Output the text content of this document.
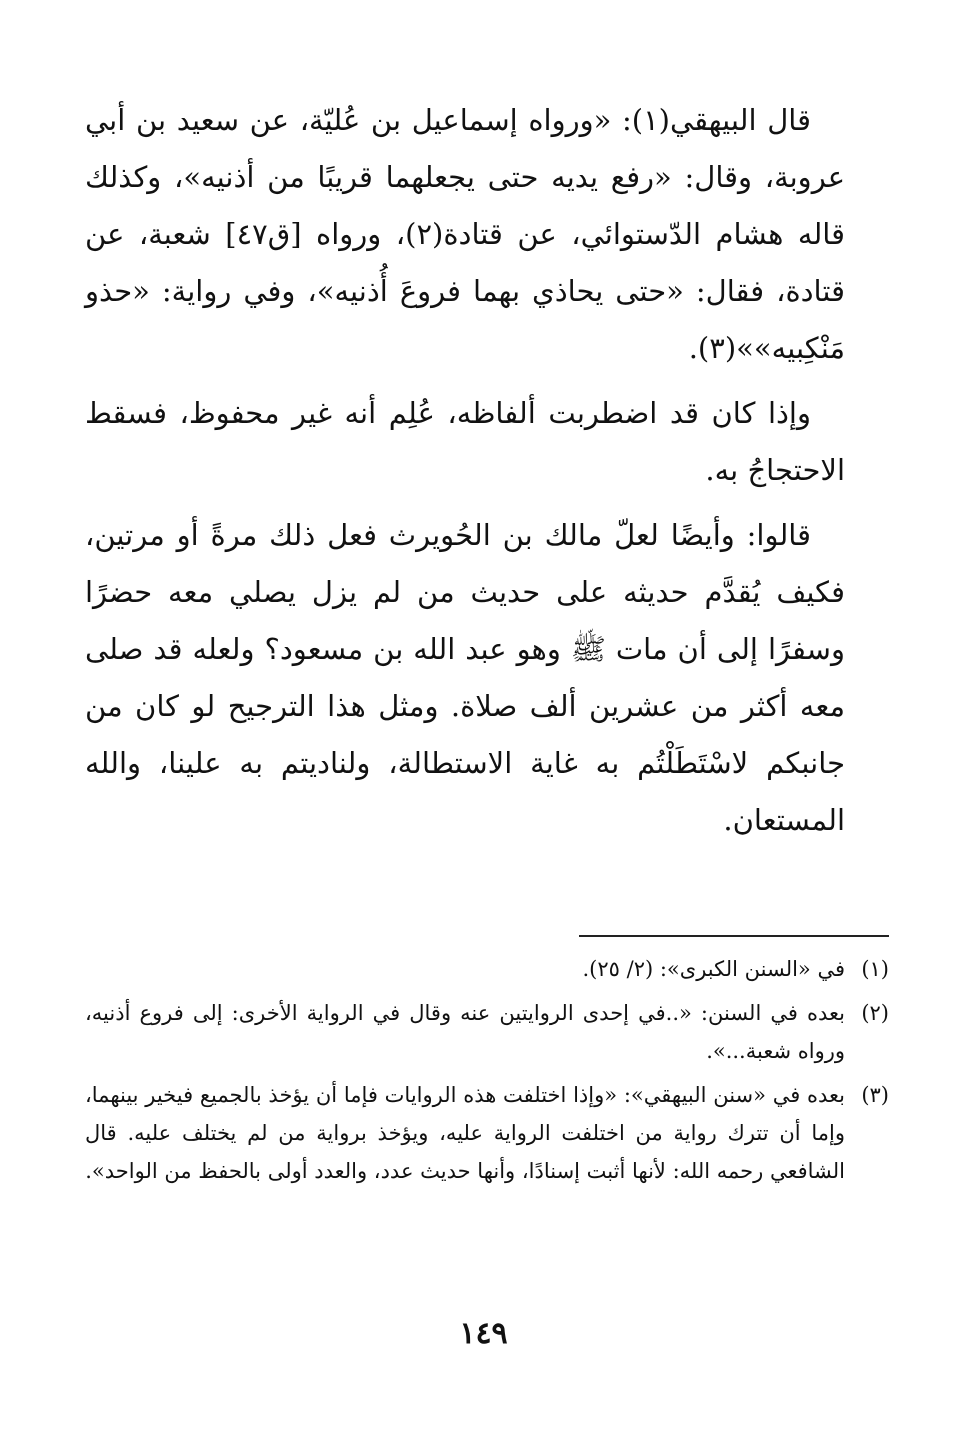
قال البيهقي(١): «ورواه إسماعيل بن عُليّة، عن سعيد بن أبي عروبة، وقال: «رفع يديه حتى يجعلهما قريبًا من أذنيه»، وكذلك قاله هشام الدّستوائي، عن قتادة(٢)، ورواه [ق٤٧] شعبة، عن قتادة، فقال: «حتى يحاذي بهما فروعَ أُذنيه»، وفي رواية: «حذو مَنْكِبيه»»(٣).

وإذا كان قد اضطربت ألفاظه، عُلِم أنه غير محفوظ، فسقط الاحتجاجُ به.

قالوا: وأيضًا لعلّ مالك بن الحُويرث فعل ذلك مرةً أو مرتين، فكيف يُقدَّم حديثه على حديث من لم يزل يصلي معه حضرًا وسفرًا إلى أن مات ﷺ وهو عبد الله بن مسعود؟ ولعله قد صلى معه أكثر من عشرين ألف صلاة. ومثل هذا الترجيح لو كان من جانبكم لاسْتَطَلْتُم به غاية الاستطالة، ولناديتم به علينا، والله المستعان.

(١)
في «السنن الكبرى»: (٢/ ٢٥).
(٢)
بعده في السنن: «..في إحدى الروايتين عنه وقال في الرواية الأخرى: إلى فروع أذنيه، ورواه شعبة...».
(٣)
بعده في «سنن البيهقي»: «وإذا اختلفت هذه الروايات فإما أن يؤخذ بالجميع فيخير بينهما، وإما أن تترك رواية من اختلفت الرواية عليه، ويؤخذ برواية من لم يختلف عليه. قال الشافعي رحمه الله: لأنها أثبت إسنادًا، وأنها حديث عدد، والعدد أولى بالحفظ من الواحد».
١٤٩
